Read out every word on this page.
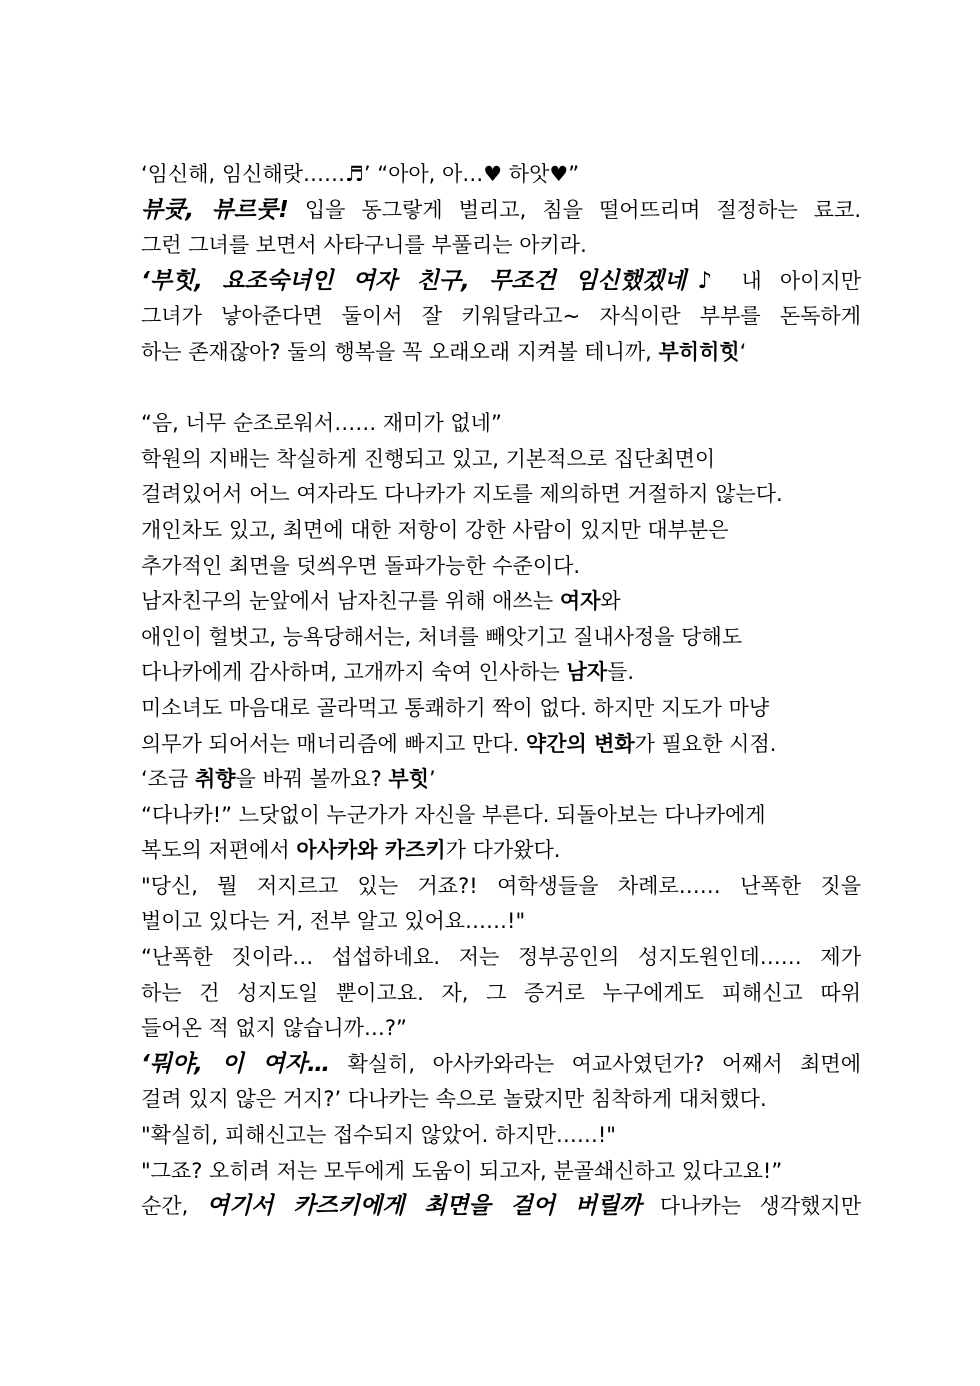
‘임신해, 임신해랏……♬’ “아아, 아…♥ 하앗♥”
뷰큣, 뷰르룻! 입을 동그랗게 벌리고, 침을 떨어뜨리며 절정하는 료코.
그런 그녀를 보면서 사타구니를 부풀리는 아키라.
‘부힛, 요조숙녀인 여자 친구, 무조건 임신했겠네♪ 내 아이지만
그녀가 낳아준다면 둘이서 잘 키워달라고~ 자식이란 부부를 돈독하게
하는 존재잖아? 둘의 행복을 꼭 오래오래 지켜볼 테니까, 부히히힛‘
“음, 너무 순조로워서…… 재미가 없네”
학원의 지배는 착실하게 진행되고 있고, 기본적으로 집단최면이
걸려있어서 어느 여자라도 다나카가 지도를 제의하면 거절하지 않는다.
개인차도 있고, 최면에 대한 저항이 강한 사람이 있지만 대부분은
추가적인 최면을 덧씌우면 돌파가능한 수준이다.
남자친구의 눈앞에서 남자친구를 위해 애쓰는 여자와
애인이 헐벗고, 능욕당해서는, 처녀를 빼앗기고 질내사정을 당해도
다나카에게 감사하며, 고개까지 숙여 인사하는 남자들.
미소녀도 마음대로 골라먹고 통쾌하기 짝이 없다. 하지만 지도가 마냥
의무가 되어서는 매너리즘에 빠지고 만다. 약간의 변화가 필요한 시점.
‘조금 취향을 바꿔 볼까요? 부힛’
“다나카!” 느닷없이 누군가가 자신을 부른다. 되돌아보는 다나카에게
복도의 저편에서 아사카와 카즈키가 다가왔다.
"당신, 뭘 저지르고 있는 거죠?! 여학생들을 차례로…… 난폭한 짓을
벌이고 있다는 거, 전부 알고 있어요……!"
“난폭한 짓이라… 섭섭하네요. 저는 정부공인의 성지도원인데…… 제가
하는 건 성지도일 뿐이고요. 자, 그 증거로 누구에게도 피해신고 따위
들어온 적 없지 않습니까…?”
‘뭐야, 이 여자… 확실히, 아사카와라는 여교사였던가? 어째서 최면에
걸려 있지 않은 거지?’ 다나카는 속으로 놀랐지만 침착하게 대처했다.
"확실히, 피해신고는 접수되지 않았어. 하지만……!"
"그죠? 오히려 저는 모두에게 도움이 되고자, 분골쇄신하고 있다고요!”
순간, 여기서 카즈키에게 최면을 걸어 버릴까 다나카는 생각했지만
